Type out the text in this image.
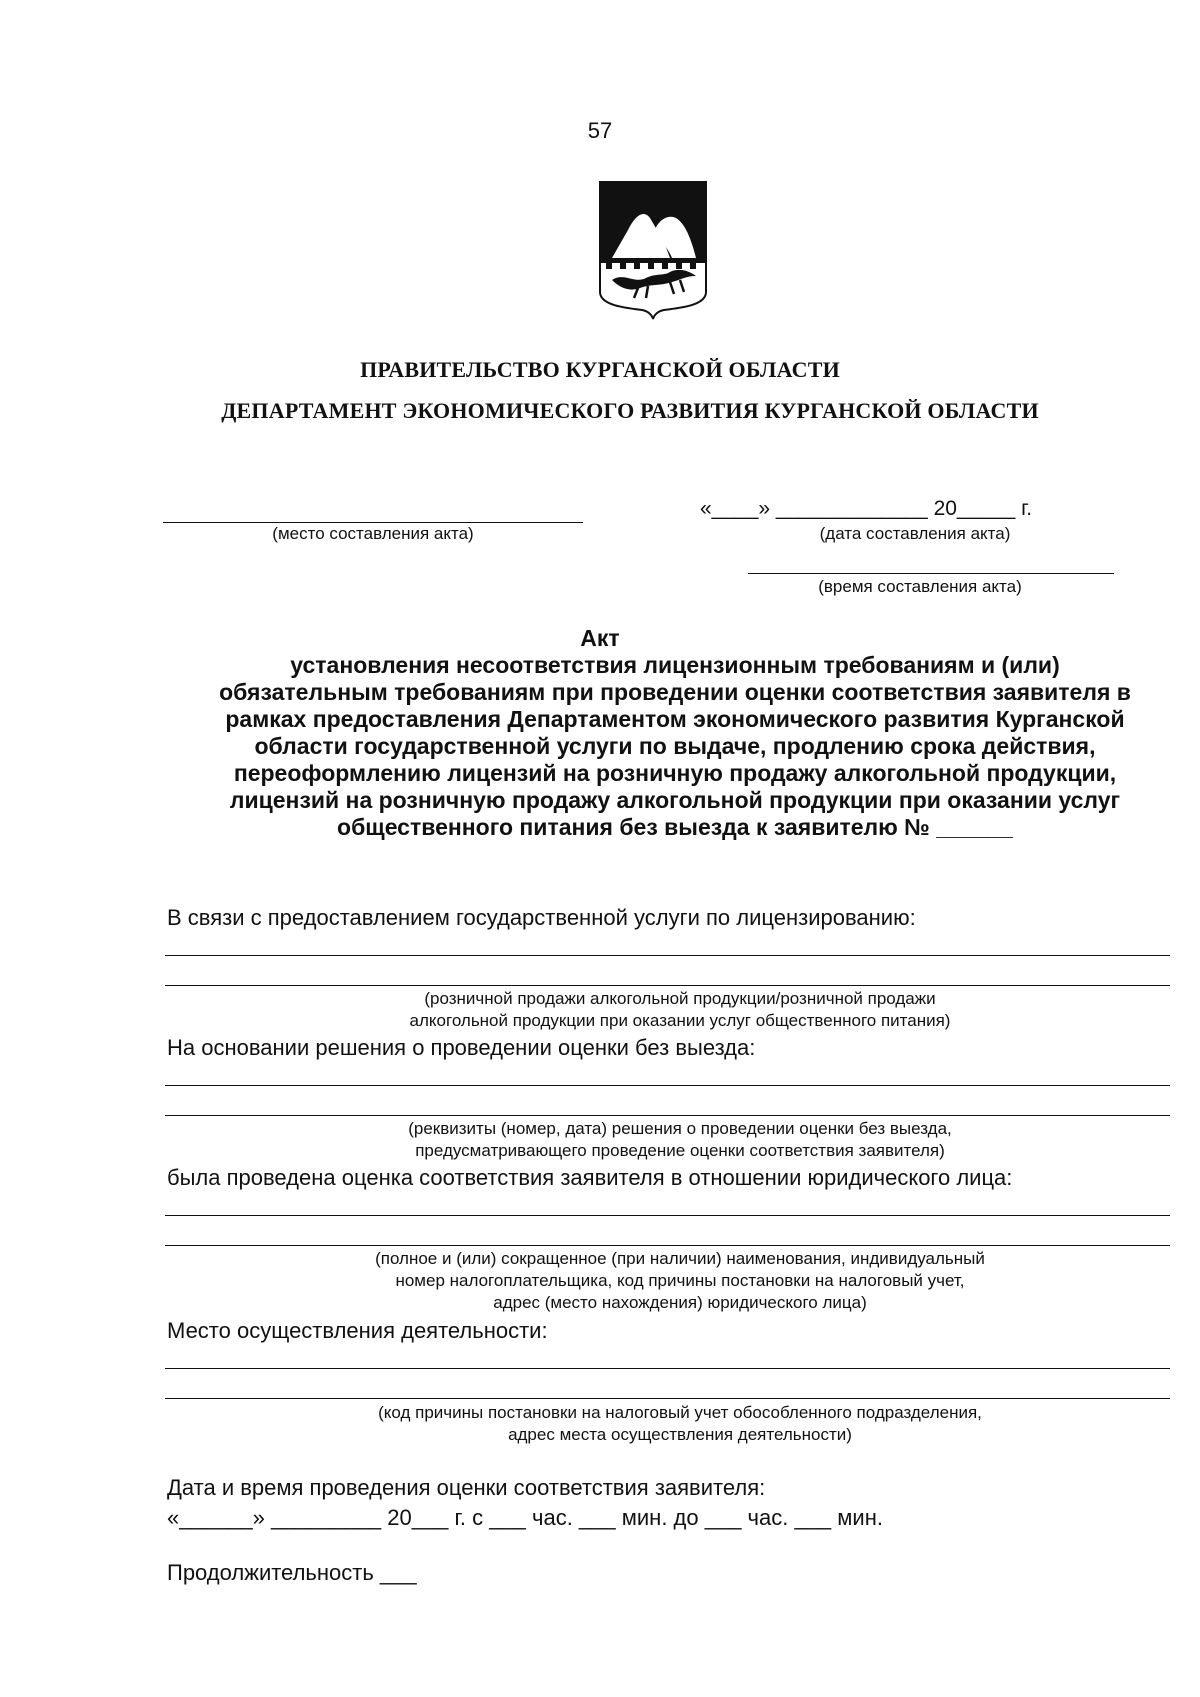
57
ПРАВИТЕЛЬСТВО КУРГАНСКОЙ ОБЛАСТИ
ДЕПАРТАМЕНТ ЭКОНОМИЧЕСКОГО РАЗВИТИЯ КУРГАНСКОЙ ОБЛАСТИ
(место составления акта)
«____» _____________ 20_____ г.
(дата составления акта)
(время составления акта)
Акт
установления несоответствия лицензионным требованиям и (или)
обязательным требованиям при проведении оценки соответствия заявителя в
рамках предоставления Департаментом экономического развития Курганской
области государственной услуги по выдаче, продлению срока действия,
переоформлению лицензий на розничную продажу алкогольной продукции,
лицензий на розничную продажу алкогольной продукции при оказании услуг
общественного питания без выезда к заявителю № ______
В связи с предоставлением государственной услуги по лицензированию:
(розничной продажи алкогольной продукции/розничной продажи
алкогольной продукции при оказании услуг общественного питания)
На основании решения о проведении оценки без выезда:
(реквизиты (номер, дата) решения о проведении оценки без выезда,
предусматривающего проведение оценки соответствия заявителя)
была проведена оценка соответствия заявителя в отношении юридического лица:
(полное и (или) сокращенное (при наличии) наименования, индивидуальный
номер налогоплательщика, код причины постановки на налоговый учет,
адрес (место нахождения) юридического лица)
Место осуществления деятельности:
(код причины постановки на налоговый учет обособленного подразделения,
адрес места осуществления деятельности)
Дата и время проведения оценки соответствия заявителя:
«______» _________ 20___ г. с ___ час. ___ мин. до ___ час. ___ мин.
Продолжительность ___
